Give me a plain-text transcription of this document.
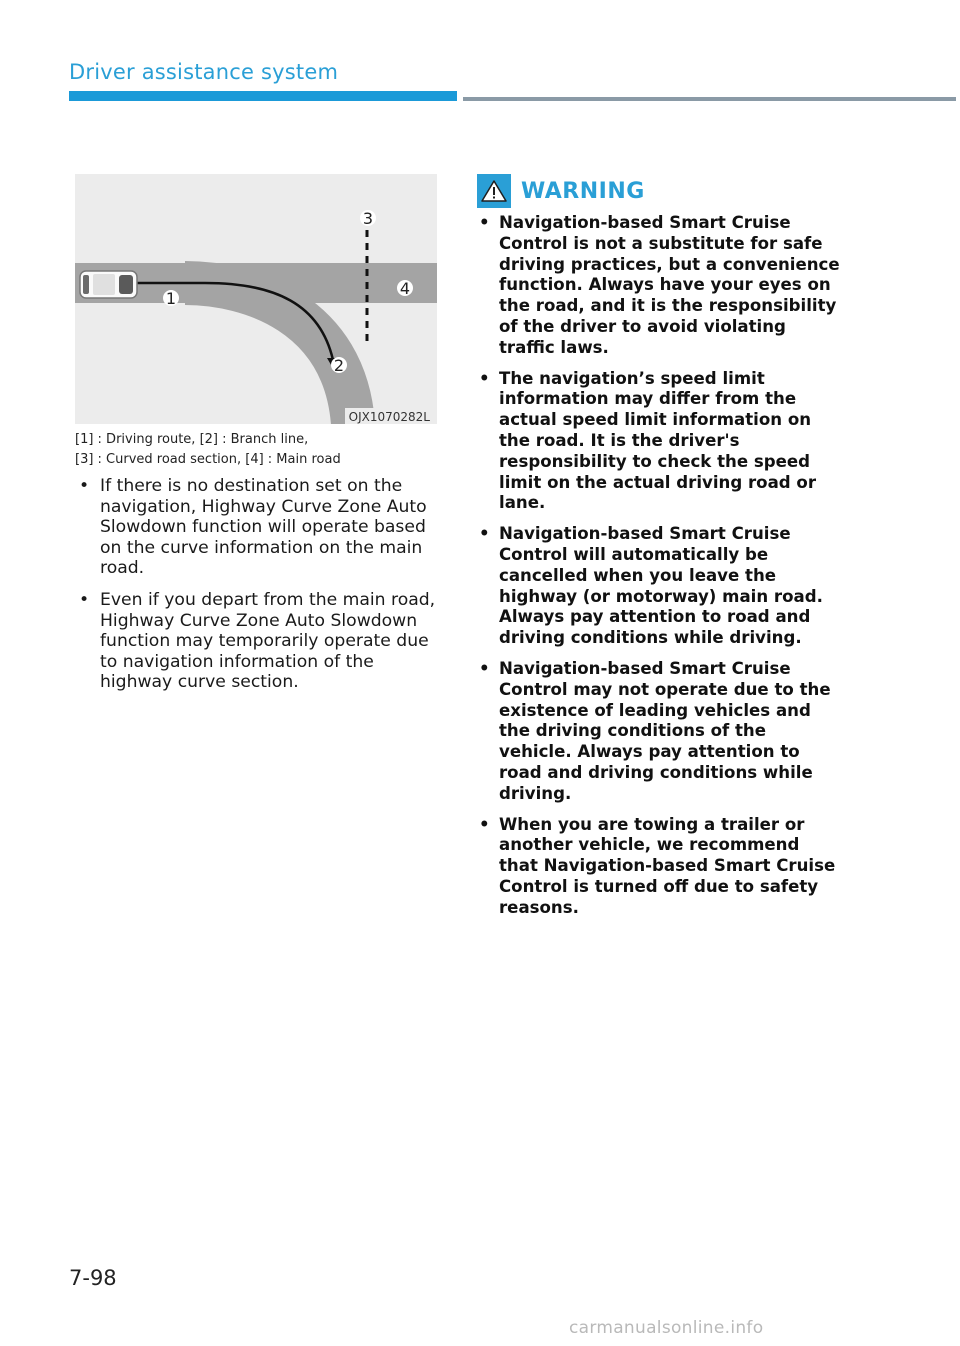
Driver assistance system
1
2
3
4
OJX1070282L
[1] : Driving route, [2] : Branch line,
[3] : Curved road section, [4] : Main road
• If there is no destination set on the navigation, Highway Curve Zone Auto Slowdown function will operate based on the curve information on the main road.
• Even if you depart from the main road, Highway Curve Zone Auto Slowdown function may temporarily operate due to navigation information of the highway curve section.
WARNING
• Navigation-based Smart Cruise Control is not a substitute for safe driving practices, but a convenience function. Always have your eyes on the road, and it is the responsibility of the driver to avoid violating traffic laws.
• The navigation’s speed limit information may differ from the actual speed limit information on the road. It is the driver's responsibility to check the speed limit on the actual driving road or lane.
• Navigation-based Smart Cruise Control will automatically be cancelled when you leave the highway (or motorway) main road. Always pay attention to road and driving conditions while driving.
• Navigation-based Smart Cruise Control may not operate due to the existence of leading vehicles and the driving conditions of the vehicle. Always pay attention to road and driving conditions while driving.
• When you are towing a trailer or another vehicle, we recommend that Navigation-based Smart Cruise Control is turned off due to safety reasons.
7-98
carmanualsonline.info
